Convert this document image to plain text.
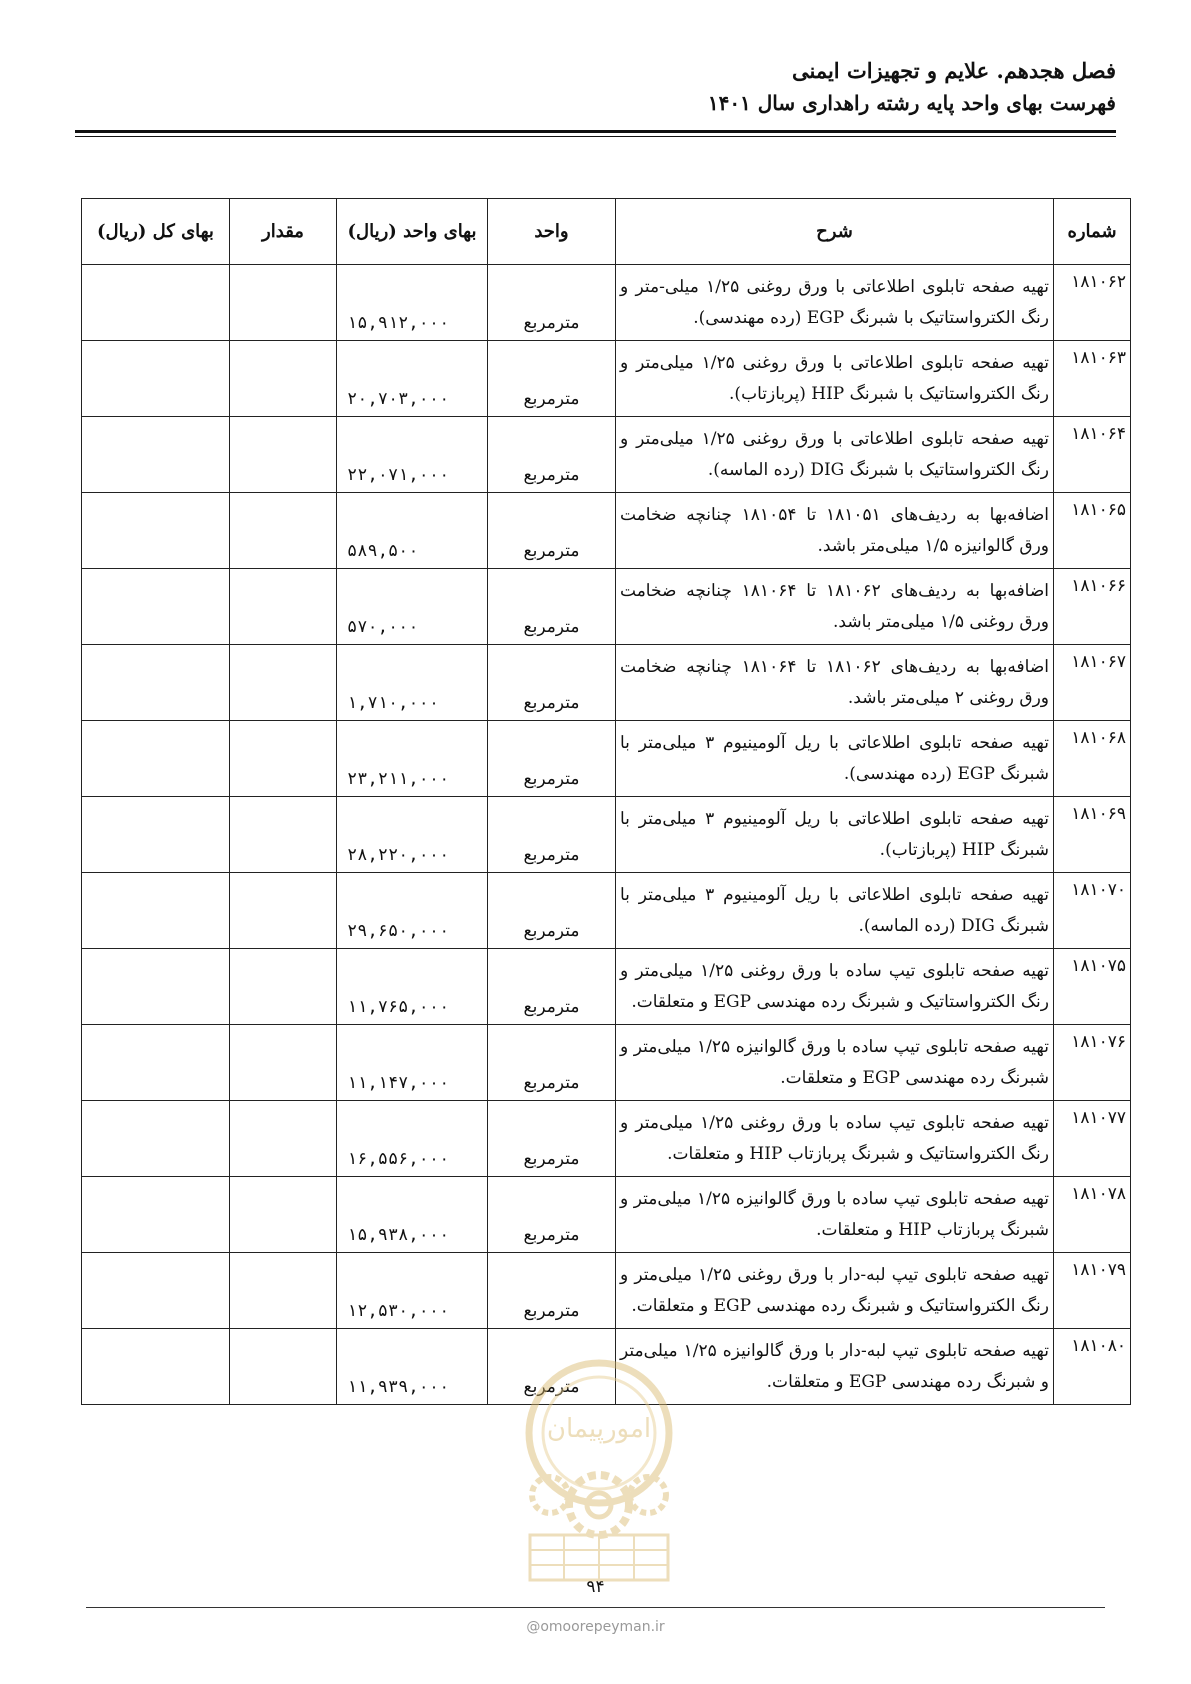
فصل هجدهم. علایم و تجهیزات ایمنی
فهرست بهای واحد پایه رشته راهداری سال ۱۴۰۱
شماره	شرح	واحد	بهای واحد (ریال)	مقدار	بهای کل (ریال)
۱۸۱۰۶۲	تهیه صفحه تابلوی اطلاعاتی با ورق روغنی ۱/۲۵ میلی-متر و رنگ الکترواستاتیک با شبرنگ EGP (رده مهندسی).	مترمربع	۱۵,۹۱۲,۰۰۰		
۱۸۱۰۶۳	تهیه صفحه تابلوی اطلاعاتی با ورق روغنی ۱/۲۵ میلی‌متر و رنگ الکترواستاتیک با شبرنگ HIP (پربازتاب).	مترمربع	۲۰,۷۰۳,۰۰۰		
۱۸۱۰۶۴	تهیه صفحه تابلوی اطلاعاتی با ورق روغنی ۱/۲۵ میلی‌متر و رنگ الکترواستاتیک با شبرنگ DIG (رده الماسه).	مترمربع	۲۲,۰۷۱,۰۰۰		
۱۸۱۰۶۵	اضافه‌بها به ردیف‌های ۱۸۱۰۵۱ تا ۱۸۱۰۵۴ چنانچه ضخامت ورق گالوانیزه ۱/۵ میلی‌متر باشد.	مترمربع	۵۸۹,۵۰۰		
۱۸۱۰۶۶	اضافه‌بها به ردیف‌های ۱۸۱۰۶۲ تا ۱۸۱۰۶۴ چنانچه ضخامت ورق روغنی ۱/۵ میلی‌متر باشد.	مترمربع	۵۷۰,۰۰۰		
۱۸۱۰۶۷	اضافه‌بها به ردیف‌های ۱۸۱۰۶۲ تا ۱۸۱۰۶۴ چنانچه ضخامت ورق روغنی ۲ میلی‌متر باشد.	مترمربع	۱,۷۱۰,۰۰۰		
۱۸۱۰۶۸	تهیه صفحه تابلوی اطلاعاتی با ریل آلومینیوم ۳ میلی‌متر با شبرنگ EGP (رده مهندسی).	مترمربع	۲۳,۲۱۱,۰۰۰		
۱۸۱۰۶۹	تهیه صفحه تابلوی اطلاعاتی با ریل آلومینیوم ۳ میلی‌متر با شبرنگ HIP (پربازتاب).	مترمربع	۲۸,۲۲۰,۰۰۰		
۱۸۱۰۷۰	تهیه صفحه تابلوی اطلاعاتی با ریل آلومینیوم ۳ میلی‌متر با شبرنگ DIG (رده الماسه).	مترمربع	۲۹,۶۵۰,۰۰۰		
۱۸۱۰۷۵	تهیه صفحه تابلوی تیپ ساده با ورق روغنی ۱/۲۵ میلی‌متر و رنگ الکترواستاتیک و شبرنگ رده مهندسی EGP و متعلقات.	مترمربع	۱۱,۷۶۵,۰۰۰		
۱۸۱۰۷۶	تهیه صفحه تابلوی تیپ ساده با ورق گالوانیزه ۱/۲۵ میلی‌متر و شبرنگ رده مهندسی EGP و متعلقات.	مترمربع	۱۱,۱۴۷,۰۰۰		
۱۸۱۰۷۷	تهیه صفحه تابلوی تیپ ساده با ورق روغنی ۱/۲۵ میلی‌متر و رنگ الکترواستاتیک و شبرنگ پربازتاب HIP و متعلقات.	مترمربع	۱۶,۵۵۶,۰۰۰		
۱۸۱۰۷۸	تهیه صفحه تابلوی تیپ ساده با ورق گالوانیزه ۱/۲۵ میلی‌متر و شبرنگ پربازتاب HIP و متعلقات.	مترمربع	۱۵,۹۳۸,۰۰۰		
۱۸۱۰۷۹	تهیه صفحه تابلوی تیپ لبه-دار با ورق روغنی ۱/۲۵ میلی‌متر و رنگ الکترواستاتیک و شبرنگ رده مهندسی EGP و متعلقات.	مترمربع	۱۲,۵۳۰,۰۰۰		
۱۸۱۰۸۰	تهیه صفحه تابلوی تیپ لبه-دار با ورق گالوانیزه ۱/۲۵ میلی‌متر و شبرنگ رده مهندسی EGP و متعلقات.	مترمربع	۱۱,۹۳۹,۰۰۰		
۹۴
@omoorepeyman.ir
امورپیمان
